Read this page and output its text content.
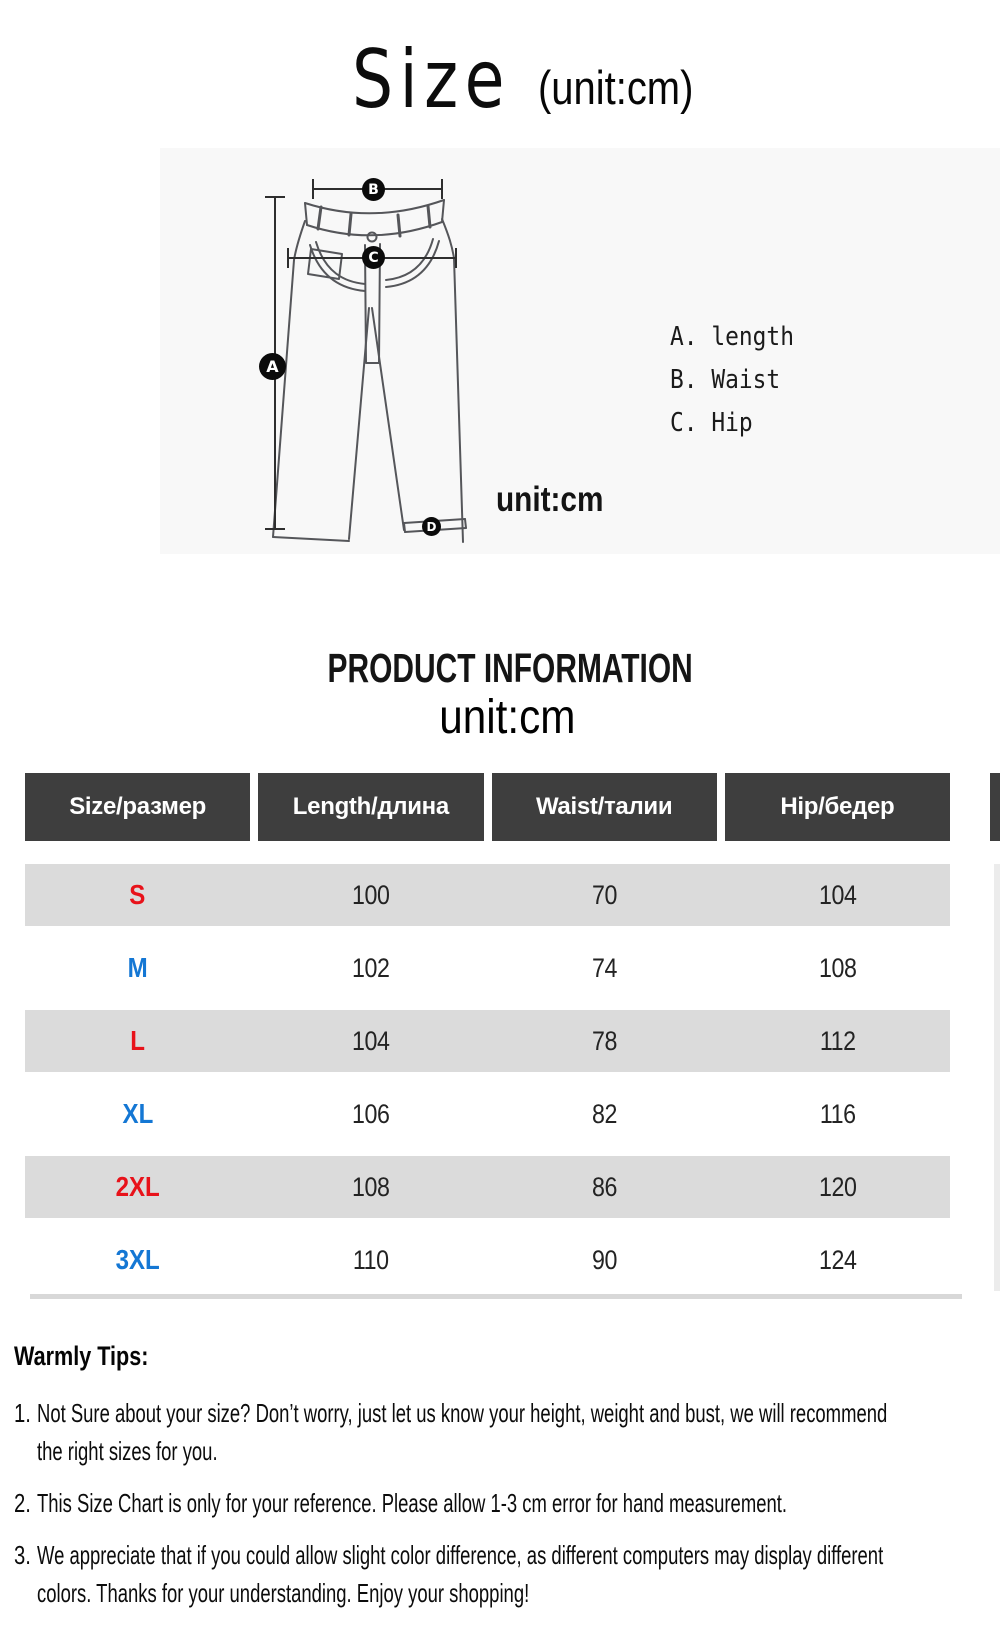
Size (unit:cm)
A
B
C
D
A. length
B. Waist
C. Hip
unit:cm
PRODUCT INFORMATION
unit:cm
Size/размер	Length/длина	Waist/талии	Hip/бедер
S	100	70	104
M	102	74	108
L	104	78	112
XL	106	82	116
2XL	108	86	120
3XL	110	90	124
Warmly Tips:
1. Not Sure about your size? Don’t worry, just let us know your height, weight and bust, we will recommend
the right sizes for you.
2. This Size Chart is only for your reference. Please allow 1-3 cm error for hand measurement.
3. We appreciate that if you could allow slight color difference, as different computers may display different
colors. Thanks for your understanding. Enjoy your shopping!
